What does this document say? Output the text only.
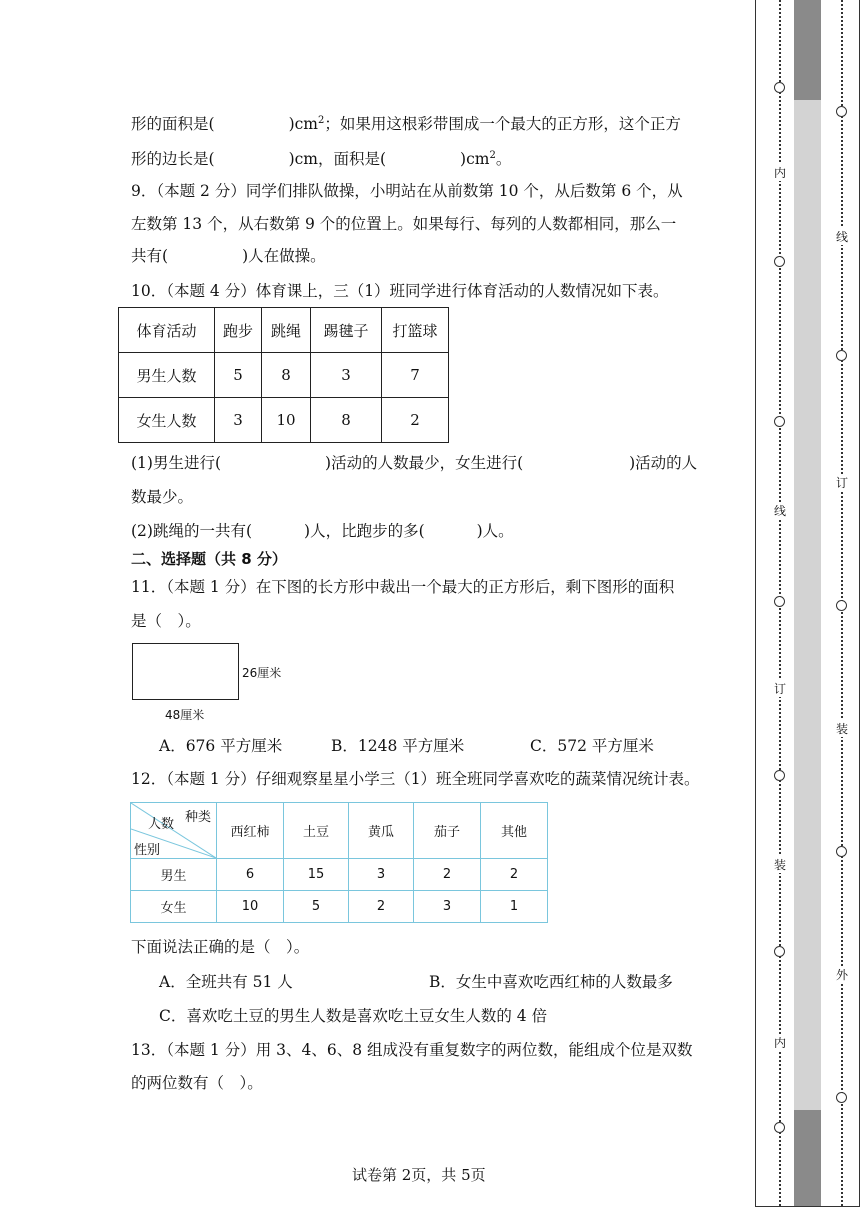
形的面积是(	)$cm^2$；如果用这根彩带围成一个最大的正方形，这个正方
形的边长是(	)cm，面积是(	)$cm^2$。
9．（本题 2 分）同学们排队做操，小明站在从前数第 10 个，从后数第 6 个，从
左数第 13 个，从右数第 9 个的位置上。如果每行、每列的人数都相同，那么一
共有(	)人在做操。
10．（本题 4 分）体育课上，三（1）班同学进行体育活动的人数情况如下表。
体育活动	跑步	跳绳	踢毽子	打篮球
男生人数	5	8	3	7
女生人数	3	10	8	2
(1)男生进行(	)活动的人数最少，女生进行(	)活动的人
数最少。
(2)跳绳的一共有(	)人，比跑步的多(	)人。
二、选择题（共 8 分）
11．（本题 1 分）在下图的长方形中裁出一个最大的正方形后，剩下图形的面积
是（　）。
26厘米
48厘米
A．676 平方厘米	B．1248 平方厘米	C．572 平方厘米
12．（本题 1 分）仔细观察星星小学三（1）班全班同学喜欢吃的蔬菜情况统计表。
种类
人数
性别	西红柿	土豆	黄瓜	茄子	其他
男生	6	15	3	2	2
女生	10	5	2	3	1
下面说法正确的是（　）。
A．全班共有 51 人	B．女生中喜欢吃西红柿的人数最多
C．喜欢吃土豆的男生人数是喜欢吃土豆女生人数的 4 倍
13．（本题 1 分）用 3、4、6、8 组成没有重复数字的两位数，能组成个位是双数
的两位数有（　）。
试卷第 2页，共 5页
内
线
订
装
内
线
订
装
外
